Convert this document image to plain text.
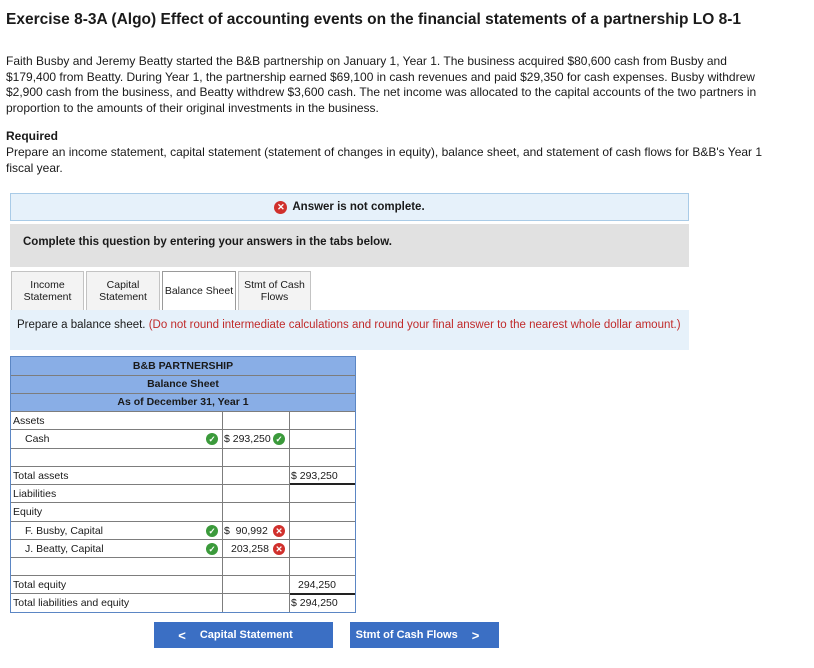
Exercise 8-3A (Algo) Effect of accounting events on the financial statements of a partnership LO 8-1
Faith Busby and Jeremy Beatty started the B&B partnership on January 1, Year 1. The business acquired $80,600 cash from Busby and $179,400 from Beatty. During Year 1, the partnership earned $69,100 in cash revenues and paid $29,350 for cash expenses. Busby withdrew $2,900 cash from the business, and Beatty withdrew $3,600 cash. The net income was allocated to the capital accounts of the two partners in proportion to the amounts of their original investments in the business.
Required
Prepare an income statement, capital statement (statement of changes in equity), balance sheet, and statement of cash flows for B&B's Year 1 fiscal year.
✕ Answer is not complete.
Complete this question by entering your answers in the tabs below.
Income Statement
Capital Statement	Balance Sheet	Stmt of Cash Flows
Prepare a balance sheet. (Do not round intermediate calculations and round your final answer to the nearest whole dollar amount.)
B&B PARTNERSHIP
Balance Sheet
As of December 31, Year 1
Assets
Cash	✓ $ 293,250 ✓
Total assets	$ 293,250
Liabilities
Equity
F. Busby, Capital	✓ $  90,992 ✕
J. Beatty, Capital	✓ 203,258 ✕
Total equity	294,250
Total liabilities and equity	$ 294,250
< Capital Statement	Stmt of Cash Flows >
